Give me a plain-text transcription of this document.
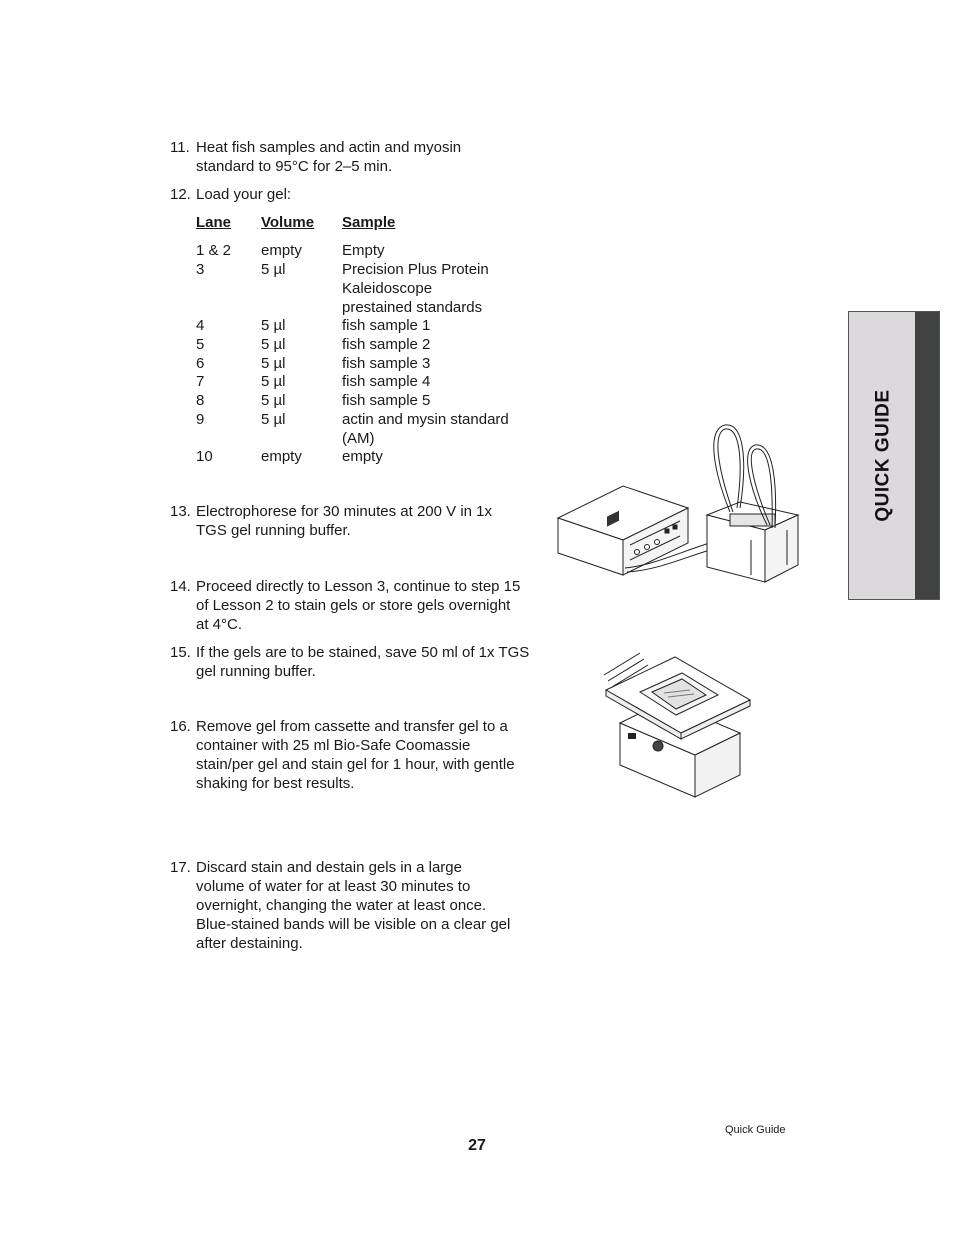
11. Heat fish samples and actin and myosin
standard to 95°C for 2–5 min.
12. Load your gel:
Lane Volume Sample
1 & 2 empty	Empty
3	5 µl	Precision Plus Protein
Kaleidoscope
prestained standards
4	5 µl	fish sample 1
5	5 µl	fish sample 2
6	5 µl	fish sample 3
7	5 µl	fish sample 4
8	5 µl	fish sample 5
9	5 µl	actin and mysin standard
(AM)
10	empty	empty
13. Electrophorese for 30 minutes at 200 V in 1x
TGS gel running buffer.
14. Proceed directly to Lesson 3, continue to step 15
of Lesson 2 to stain gels or store gels overnight
at 4°C.
15. If the gels are to be stained, save 50 ml of 1x TGS
gel running buffer.
16. Remove gel from cassette and transfer gel to a
container with 25 ml Bio-Safe Coomassie
stain/per gel and stain gel for 1 hour, with gentle
shaking for best results.
17. Discard stain and destain gels in a large
volume of water for at least 30 minutes to
overnight, changing the water at least once.
Blue-stained bands will be visible on a clear gel
after destaining.
QUICK GUIDE
Quick Guide
27
